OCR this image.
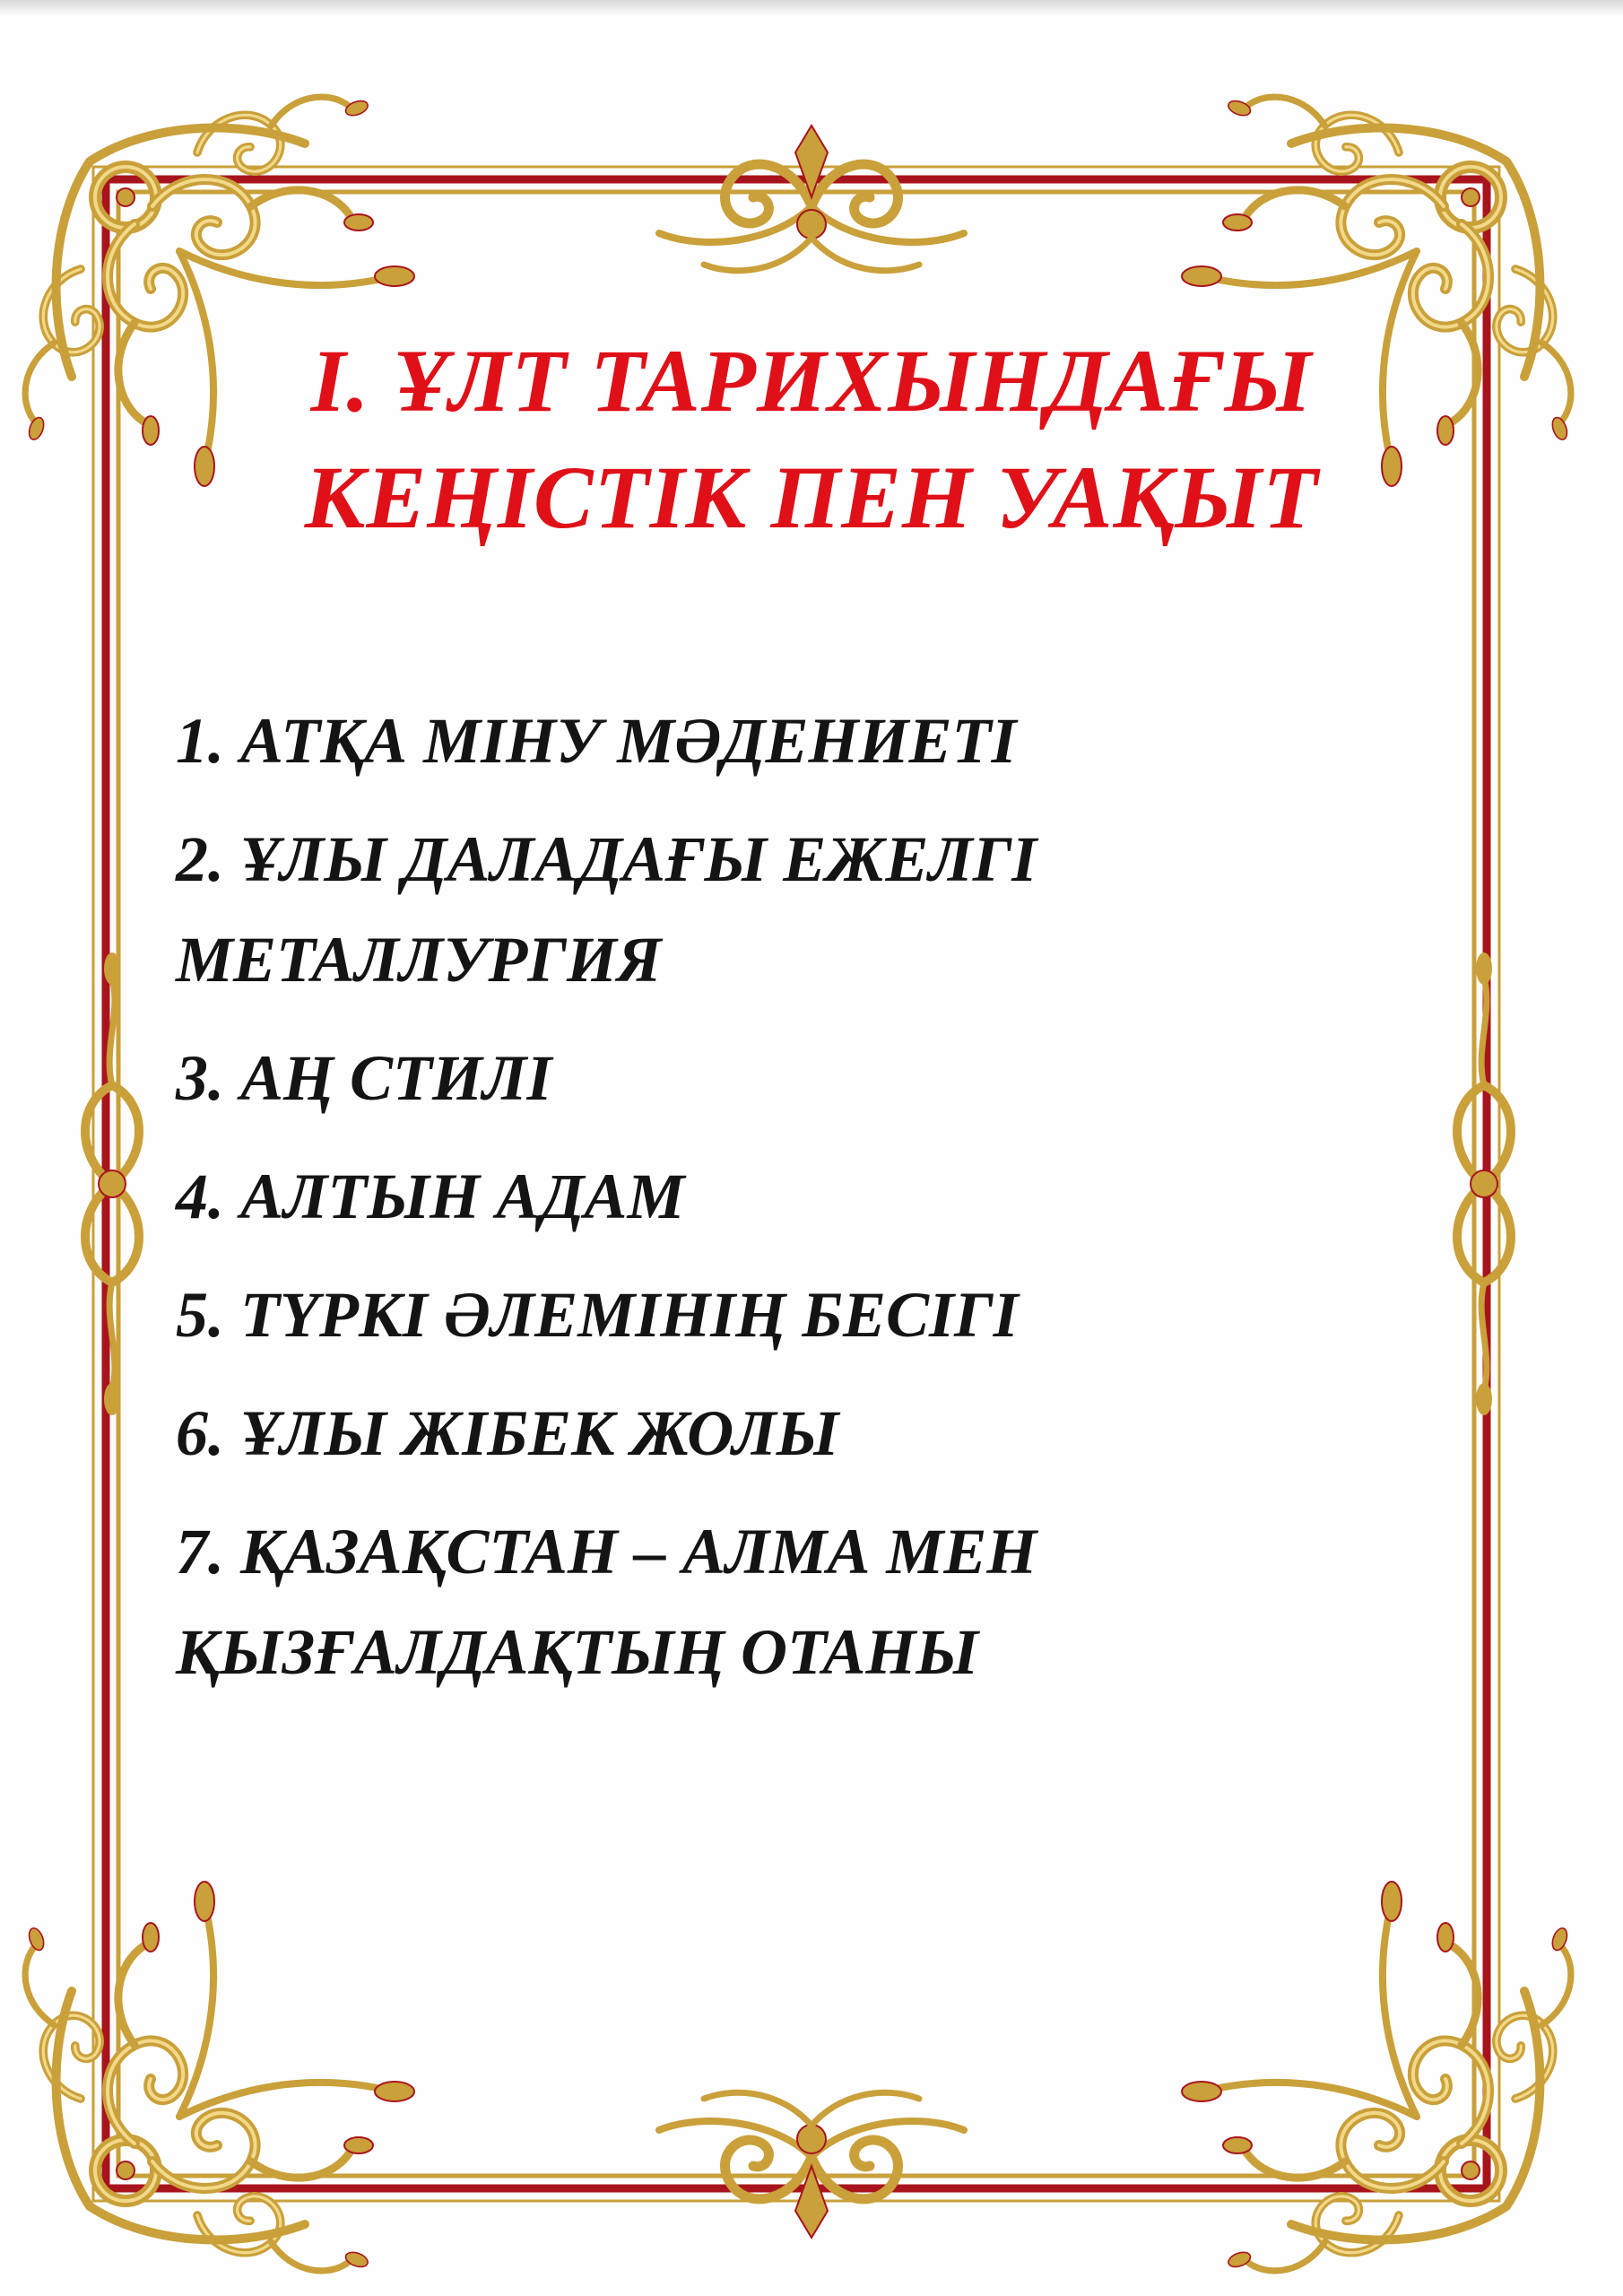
І. ҰЛТ ТАРИХЫНДАҒЫ
КЕҢІСТІК ПЕН УАҚЫТ
1. АТҚА МІНУ МӘДЕНИЕТІ
2. ҰЛЫ ДАЛАДАҒЫ ЕЖЕЛГІ
МЕТАЛЛУРГИЯ
3. АҢ СТИЛІ
4. АЛТЫН АДАМ
5. ТҮРКІ ӘЛЕМІНІҢ БЕСІГІ
6. ҰЛЫ ЖІБЕК ЖОЛЫ
7. ҚАЗАҚСТАН – АЛМА МЕН
ҚЫЗҒАЛДАҚТЫҢ ОТАНЫ
